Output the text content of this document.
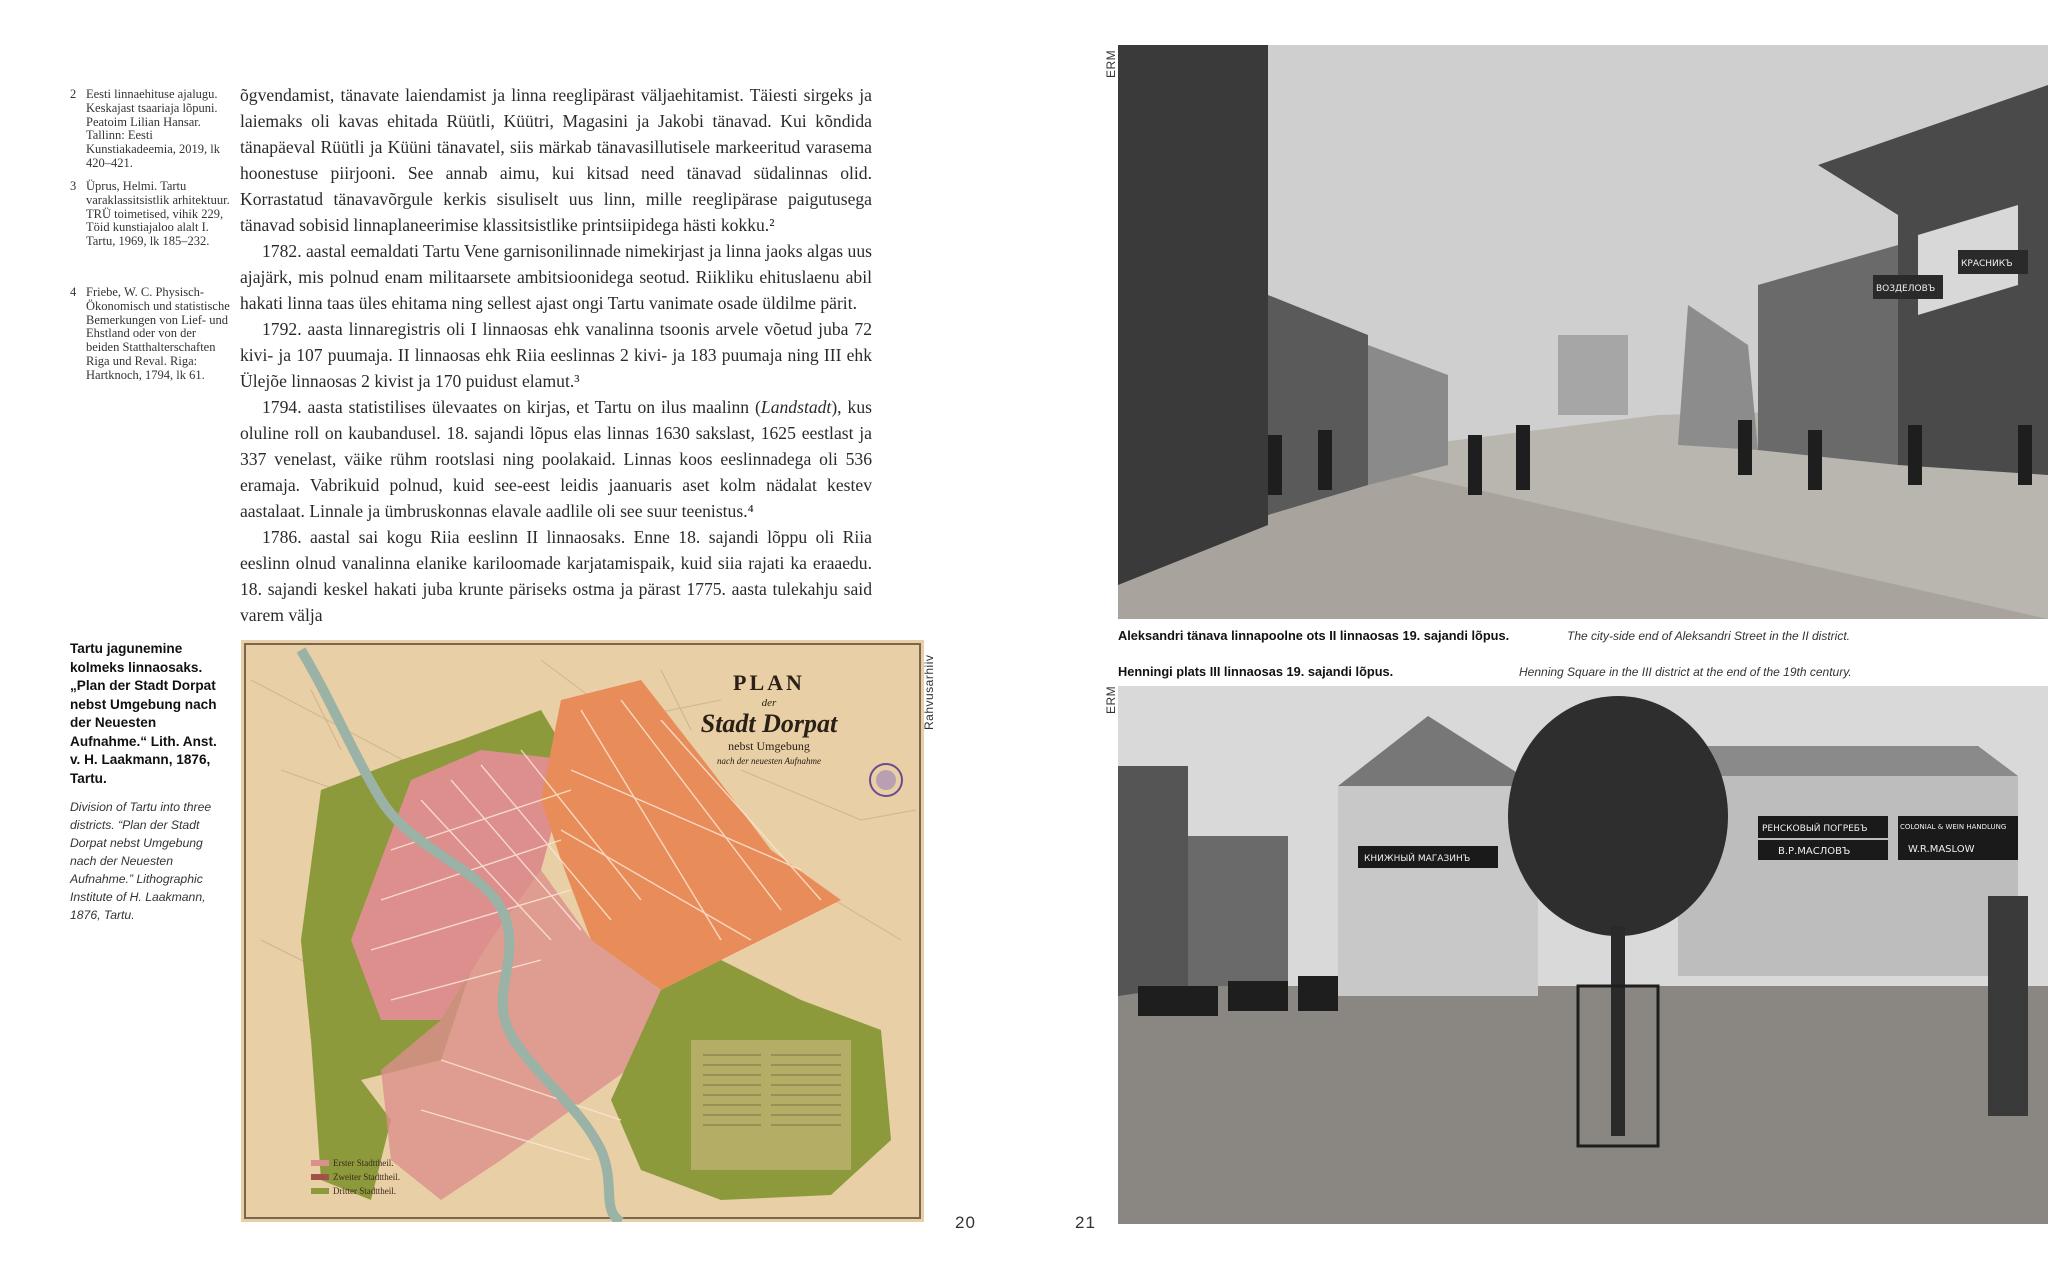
2 Eesti linnaehituse ajalugu. Keskajast tsaariaja lõpuni. Peatoim Lilian Hansar. Tallinn: Eesti Kunstiakadeemia, 2019, lk 420–421.
3 Üprus, Helmi. Tartu varaklassitsistlik arhitektuur. TRÜ toimetised, vihik 229, Töid kunstiajaloo alalt I. Tartu, 1969, lk 185–232.
4 Friebe, W. C. Physisch-Ökonomisch und statistische Bemerkungen von Lief- und Ehstland oder von der beiden Statthalterschaften Riga und Reval. Riga: Hartknoch, 1794, lk 61.

õgvendamist, tänavate laiendamist ja linna reeglipärast väljaehitamist. Täiesti sirgeks ja laiemaks oli kavas ehitada Rüütli, Küütri, Magasini ja Jakobi tänavad. Kui kõndida tänapäeval Rüütli ja Küüni tänavatel, siis märkab tänavasillutisele markeeritud varasema hoonestuse piirjooni. See annab aimu, kui kitsad need tänavad südalinnas olid. Korrastatud tänavavõrgule kerkis sisuliselt uus linn, mille reeglipärase paigutusega tänavad sobisid linnaplaneerimise klassitsistlike printsiipidega hästi kokku.²

1782. aastal eemaldati Tartu Vene garnisonilinnade nimekirjast ja linna jaoks algas uus ajajärk, mis polnud enam militaarsete ambitsioonidega seotud. Riikliku ehituslaenu abil hakati linna taas üles ehitama ning sellest ajast ongi Tartu vanimate osade üldilme pärit.

1792. aasta linnaregistris oli I linnaosas ehk vanalinna tsoonis arvele võetud juba 72 kivi- ja 107 puumaja. II linnaosas ehk Riia eeslinnas 2 kivi- ja 183 puumaja ning III ehk Ülejõe linnaosas 2 kivist ja 170 puidust elamut.³

1794. aasta statistilises ülevaates on kirjas, et Tartu on ilus maalinn (Landstadt), kus oluline roll on kaubandusel. 18. sajandi lõpus elas linnas 1630 sakslast, 1625 eestlast ja 337 venelast, väike rühm rootslasi ning poolakaid. Linnas koos eeslinnadega oli 536 eramaja. Vabrikuid polnud, kuid see-eest leidis jaanuaris aset kolm nädalat kestev aastalaat. Linnale ja ümbruskonnas elavale aadlile oli see suur teenistus.⁴

1786. aastal sai kogu Riia eeslinn II linnaosaks. Enne 18. sajandi lõppu oli Riia eeslinn olnud vanalinna elanike kariloomade karjatamispaik, kuid siia rajati ka eraaedu. 18. sajandi keskel hakati juba krunte päriseks ostma ja pärast 1775. aasta tulekahju said varem välja

Tartu jagunemine kolmeks linnaosaks. „Plan der Stadt Dorpat nebst Umgebung nach der Neuesten Aufnahme.“ Lith. Anst. v. H. Laakmann, 1876, Tartu.
Division of Tartu into three districts. “Plan der Stadt Dorpat nebst Umgebung nach der Neuesten Aufnahme.” Lithographic Institute of H. Laakmann, 1876, Tartu.
PLAN
der
Stadt Dorpat
nebst Umgebung
nach der neuesten Aufnahme
Erster Stadttheil.
Zweiter Stadttheil.
Dritter Stadttheil.
Rahvusarhiiv
20
ERM
ВОЗДЕЛОВЪ
КРАСНИКЪ
Aleksandri tänava linnapoolne ots II linnaosas 19. sajandi lõpus.	The city-side end of Aleksandri Street in the II district.
Henningi plats III linnaosas 19. sajandi lõpus.	Henning Square in the III district at the end of the 19th century.
ERM
КНИЖНЫЙ МАГАЗИНЪ
РЕНСКОВЫЙ ПОГРЕБЪ
В.Р.МАСЛОВЪ
COLONIAL & WEIN HANDLUNG
W.R.MASLOW
21
